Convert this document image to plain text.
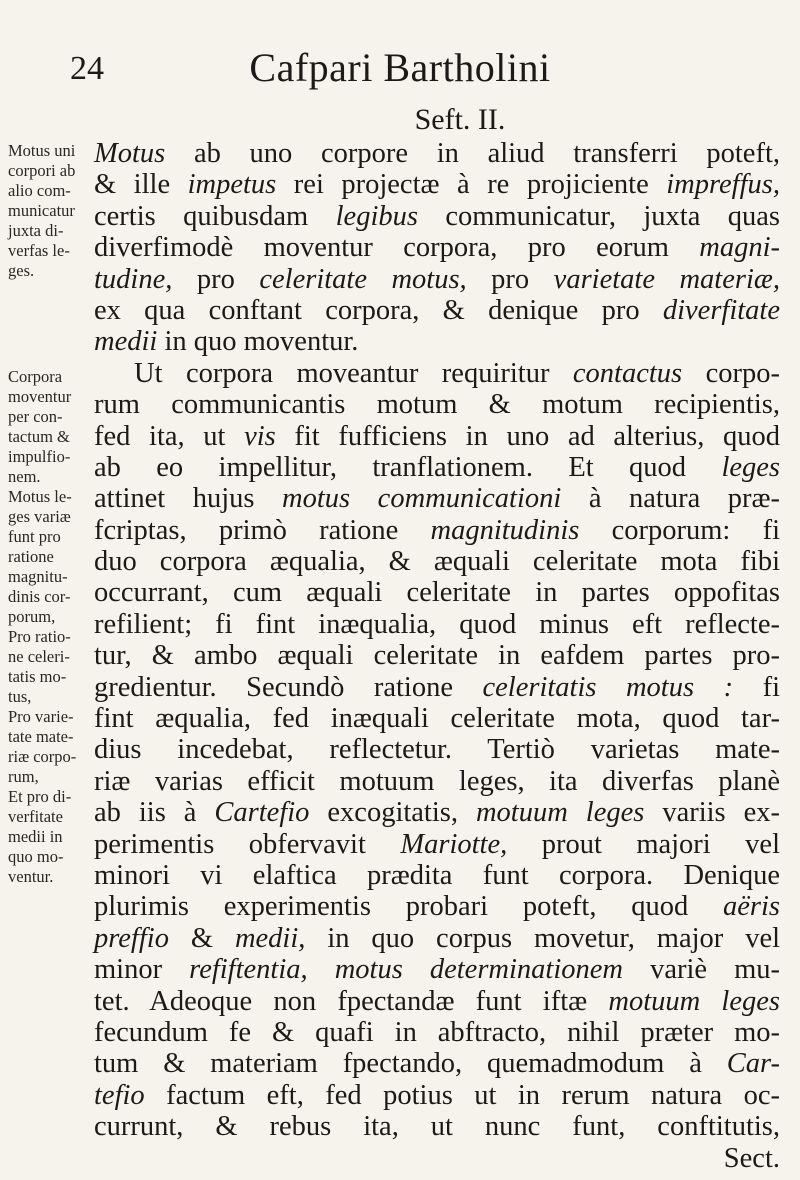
24	Cafpari Bartholini
Seft. II.
Motus uni
corpori ab
alio com-
municatur
juxta di-
verfas le-
ges.
Corpora
moventur
per con-
tactum &
impulfio-
nem.
Motus le-
ges variæ
funt pro
ratione
magnitu-
dinis cor-
porum,
Pro ratio-
ne celeri-
tatis mo-
tus,
Pro varie-
tate mate-
riæ corpo-
rum,
Et pro di-
verfitate
medii in
quo mo-
ventur.
Motus ab uno corpore in aliud transferri poteft,
& ille impetus rei projectæ à re projiciente impreffus,
certis quibusdam legibus communicatur, juxta quas
diverfimodè moventur corpora, pro eorum magni-
tudine, pro celeritate motus, pro varietate materiæ,
ex qua conftant corpora, & denique pro diverfitate
medii in quo moventur.
Ut corpora moveantur requiritur contactus corpo-
rum communicantis motum & motum recipientis,
fed ita, ut vis fit fufficiens in uno ad alterius, quod
ab eo impellitur, tranflationem. Et quod leges
attinet hujus motus communicationi à natura præ-
fcriptas, primò ratione magnitudinis corporum: fi
duo corpora æqualia, & æquali celeritate mota fibi
occurrant, cum æquali celeritate in partes oppofitas
refilient; fi fint inæqualia, quod minus eft reflecte-
tur, & ambo æquali celeritate in eafdem partes pro-
gredientur. Secundò ratione celeritatis motus : fi
fint æqualia, fed inæquali celeritate mota, quod tar-
dius incedebat, reflectetur. Tertiò varietas mate-
riæ varias efficit motuum leges, ita diverfas planè
ab iis à Cartefio excogitatis, motuum leges variis ex-
perimentis obfervavit Mariotte, prout majori vel
minori vi elaftica prædita funt corpora. Denique
plurimis experimentis probari poteft, quod aëris
preffio & medii, in quo corpus movetur, major vel
minor refiftentia, motus determinationem variè mu-
tet. Adeoque non fpectandæ funt iftæ motuum leges
fecundum fe & quafi in abftracto, nihil præter mo-
tum & materiam fpectando, quemadmodum à Car-
tefio factum eft, fed potius ut in rerum natura oc-
currunt, & rebus ita, ut nunc funt, conftitutis,
Sect.
